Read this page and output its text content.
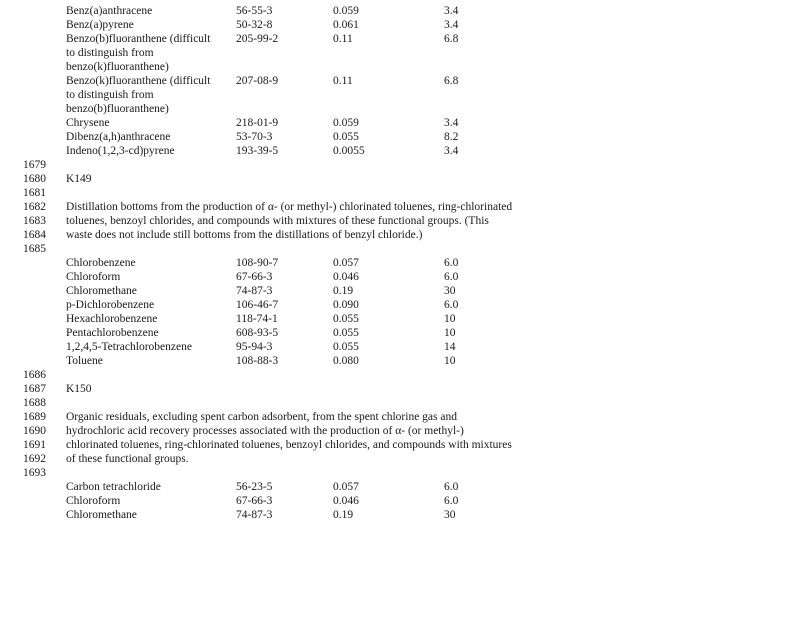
Benz(a)anthracene	56-55-3	0.059	3.4
Benz(a)pyrene	50-32-8	0.061	3.4
Benzo(b)fluoranthene (difficult 205-99-2	0.11	6.8
to distinguish from
benzo(k)fluoranthene)
Benzo(k)fluoranthene (difficult 207-08-9	0.11	6.8
to distinguish from
benzo(b)fluoranthene)
Chrysene	218-01-9	0.059	3.4
Dibenz(a,h)anthracene	53-70-3	0.055	8.2
Indeno(1,2,3-cd)pyrene	193-39-5	0.0055	3.4
1679
1680
1681
1682
1683
1684
1685
1686
1687
1688
1689
1690
1691
1692
1693
K149
Distillation bottoms from the production of α- (or methyl-) chlorinated toluenes, ring-chlorinated
toluenes, benzoyl chlorides, and compounds with mixtures of these functional groups. (This
waste does not include still bottoms from the distillations of benzyl chloride.)
Chlorobenzene	108-90-7	0.057	6.0
Chloroform	67-66-3	0.046	6.0
Chloromethane	74-87-3	0.19	30
p-Dichlorobenzene	106-46-7	0.090	6.0
Hexachlorobenzene	118-74-1	0.055	10
Pentachlorobenzene	608-93-5	0.055	10
1,2,4,5-Tetrachlorobenzene	95-94-3	0.055	14
Toluene	108-88-3	0.080	10
K150
Organic residuals, excluding spent carbon adsorbent, from the spent chlorine gas and
hydrochloric acid recovery processes associated with the production of α- (or methyl-)
chlorinated toluenes, ring-chlorinated toluenes, benzoyl chlorides, and compounds with mixtures
of these functional groups.
Carbon tetrachloride	56-23-5	0.057	6.0
Chloroform	67-66-3	0.046	6.0
Chloromethane	74-87-3	0.19	30
